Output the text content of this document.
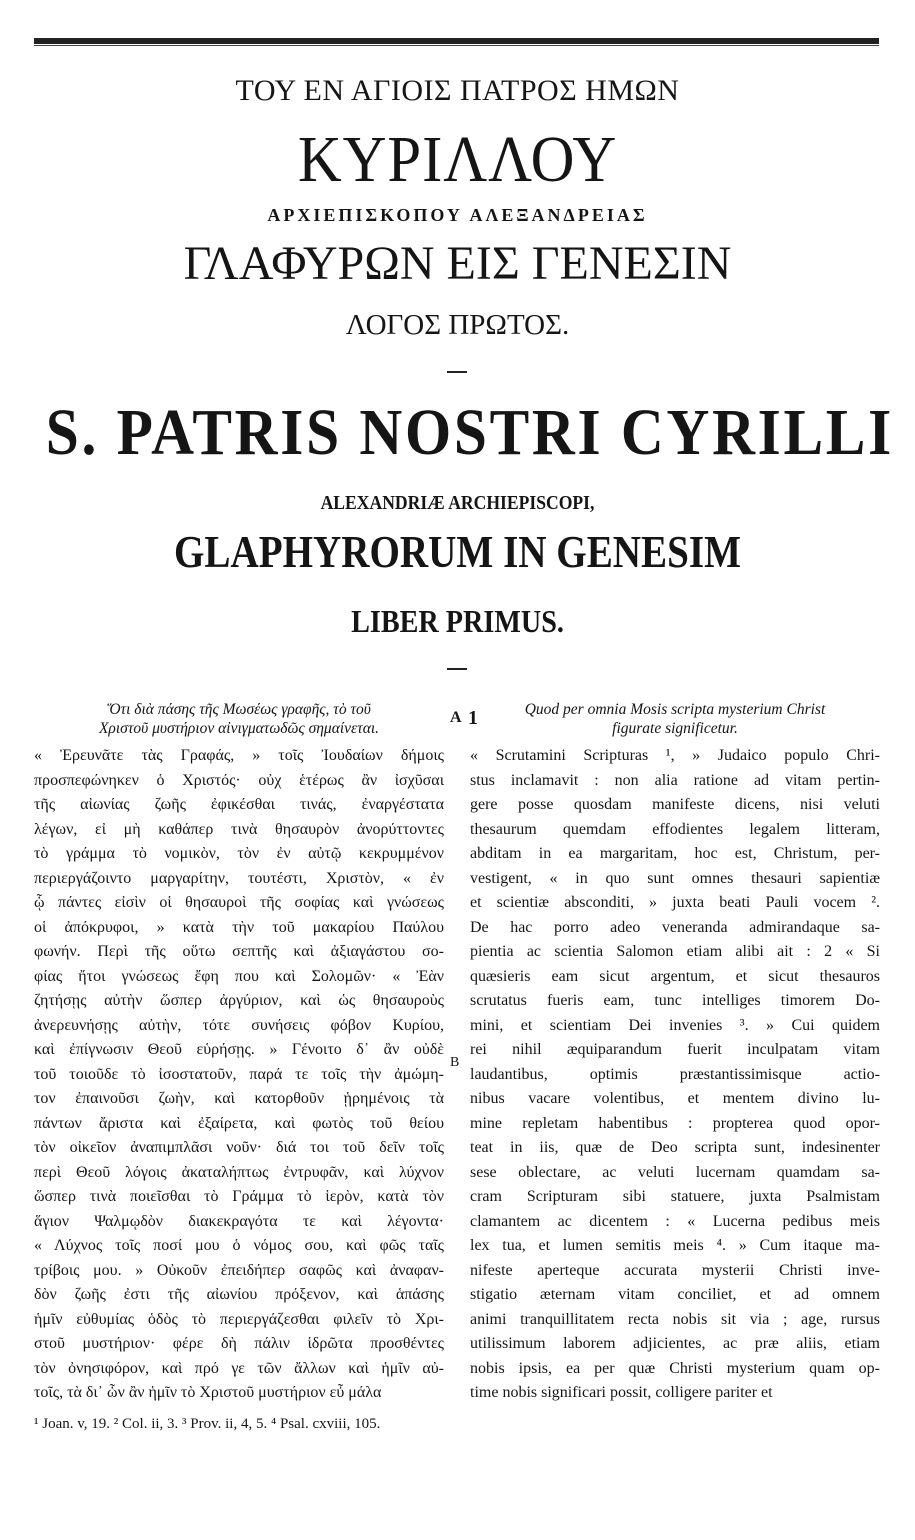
ΤΟΥ ΕΝ ΑΓΙΟΙΣ ΠΑΤΡΟΣ ΗΜΩΝ
ΚΥΡΙΛΛΟΥ
ΑΡΧΙΕΠΙΣΚΟΠΟΥ ΑΛΕΞΑΝΔΡΕΙΑΣ
ΓΛΑΦΥΡΩΝ ΕΙΣ ΓΕΝΕΣΙΝ
ΛΟΓΟΣ ΠΡΩΤΟΣ.
S. PATRIS NOSTRI CYRILLI
ALEXANDRIÆ ARCHIEPISCOPI,
GLAPHYRORUM IN GENESIM
LIBER PRIMUS.
Ὅτι διὰ πάσης τῆς Μωσέως γραφῆς, τὸ τοῦ
Χριστοῦ μυστήριον αἰνιγματωδῶς σημαίνεται.
« Ἐρευνᾶτε τὰς Γραφάς, » τοῖς Ἰουδαίων δήμοις
προσπεφώνηκεν ὁ Χριστός· οὐχ ἑτέρως ἂν ἰσχῦσαι
τῆς αἰωνίας ζωῆς ἐφικέσθαι τινάς, ἐναργέστατα
λέγων, εἰ μὴ καθάπερ τινὰ θησαυρὸν ἀνορύττοντες
τὸ γράμμα τὸ νομικὸν, τὸν ἐν αὐτῷ κεκρυμμένον
περιεργάζοιντο μαργαρίτην, τουτέστι, Χριστὸν, « ἐν
ᾧ πάντες εἰσὶν οἱ θησαυροὶ τῆς σοφίας καὶ γνώσεως
οἱ ἀπόκρυφοι, » κατὰ τὴν τοῦ μακαρίου Παύλου
φωνήν. Περὶ τῆς οὕτω σεπτῆς καὶ ἀξιαγάστου σο-
φίας ἤτοι γνώσεως ἔφη που καὶ Σολομῶν· « Ἐὰν
ζητήσῃς αὐτὴν ὥσπερ ἀργύριον, καὶ ὡς θησαυροὺς
ἀνερευνήσῃς αὐτὴν, τότε συνήσεις φόβον Κυρίου,
καὶ ἐπίγνωσιν Θεοῦ εὑρήσῃς. » Γένοιτο δ᾽ ἂν οὐδὲ
τοῦ τοιοῦδε τὸ ἰσοστατοῦν, παρά τε τοῖς τὴν ἀμώμη-
τον ἐπαινοῦσι ζωὴν, καὶ κατορθοῦν ᾑρημένοις τὰ
πάντων ἄριστα καὶ ἐξαίρετα, καὶ φωτὸς τοῦ θείου
τὸν οἰκεῖον ἀναπιμπλᾶσι νοῦν· διά τοι τοῦ δεῖν τοῖς
περὶ Θεοῦ λόγοις ἀκαταλήπτως ἐντρυφᾶν, καὶ λύχνον
ὥσπερ τινὰ ποιεῖσθαι τὸ Γράμμα τὸ ἱερὸν, κατὰ τὸν
ἅγιον Ψαλμῳδὸν διακεκραγότα τε καὶ λέγοντα·
« Λύχνος τοῖς ποσί μου ὁ νόμος σου, καὶ φῶς ταῖς
τρίβοις μου. » Οὐκοῦν ἐπειδήπερ σαφῶς καὶ ἀναφαν-
δὸν ζωῆς ἐστι τῆς αἰωνίου πρόξενον, καὶ ἁπάσης
ἡμῖν εὐθυμίας ὁδὸς τὸ περιεργάζεσθαι φιλεῖν τὸ Χρι-
στοῦ μυστήριον· φέρε δὴ πάλιν ἱδρῶτα προσθέντες
τὸν ὀνησιφόρον, καὶ πρό γε τῶν ἄλλων καὶ ἡμῖν αὐ-
τοῖς, τὰ δι᾽ ὧν ἂν ἡμῖν τὸ Χριστοῦ μυστήριον εὖ μάλα
Quod per omnia Mosis scripta mysterium Christ
figurate significetur.
« Scrutamini Scripturas ¹, » Judaico populo Chri-
stus inclamavit : non alia ratione ad vitam pertin-
gere posse quosdam manifeste dicens, nisi veluti
thesaurum quemdam effodientes legalem litteram,
abditam in ea margaritam, hoc est, Christum, per-
vestigent, « in quo sunt omnes thesauri sapientiæ
et scientiæ absconditi, » juxta beati Pauli vocem ².
De hac porro adeo veneranda admirandaque sa-
pientia ac scientia Salomon etiam alibi ait : 2 « Si
quæsieris eam sicut argentum, et sicut thesauros
scrutatus fueris eam, tunc intelliges timorem Do-
mini, et scientiam Dei invenies ³. » Cui quidem
rei nihil æquiparandum fuerit inculpatam vitam
laudantibus, optimis præstantissimisque actio-
nibus vacare volentibus, et mentem divino lu-
mine repletam habentibus : propterea quod opor-
teat in iis, quæ de Deo scripta sunt, indesinenter
sese oblectare, ac veluti lucernam quamdam sa-
cram Scripturam sibi statuere, juxta Psalmistam
clamantem ac dicentem : « Lucerna pedibus meis
lex tua, et lumen semitis meis ⁴. » Cum itaque ma-
nifeste aperteque accurata mysterii Christi inve-
stigatio æternam vitam conciliet, et ad omnem
animi tranquillitatem recta nobis sit via ; age, rursus
utilissimum laborem adjicientes, ac præ aliis, etiam
nobis ipsis, ea per quæ Christi mysterium quam op-
time nobis significari possit, colligere pariter et
A 1
B
¹ Joan. v, 19. ² Col. ii, 3. ³ Prov. ii, 4, 5. ⁴ Psal. cxviii, 105.
